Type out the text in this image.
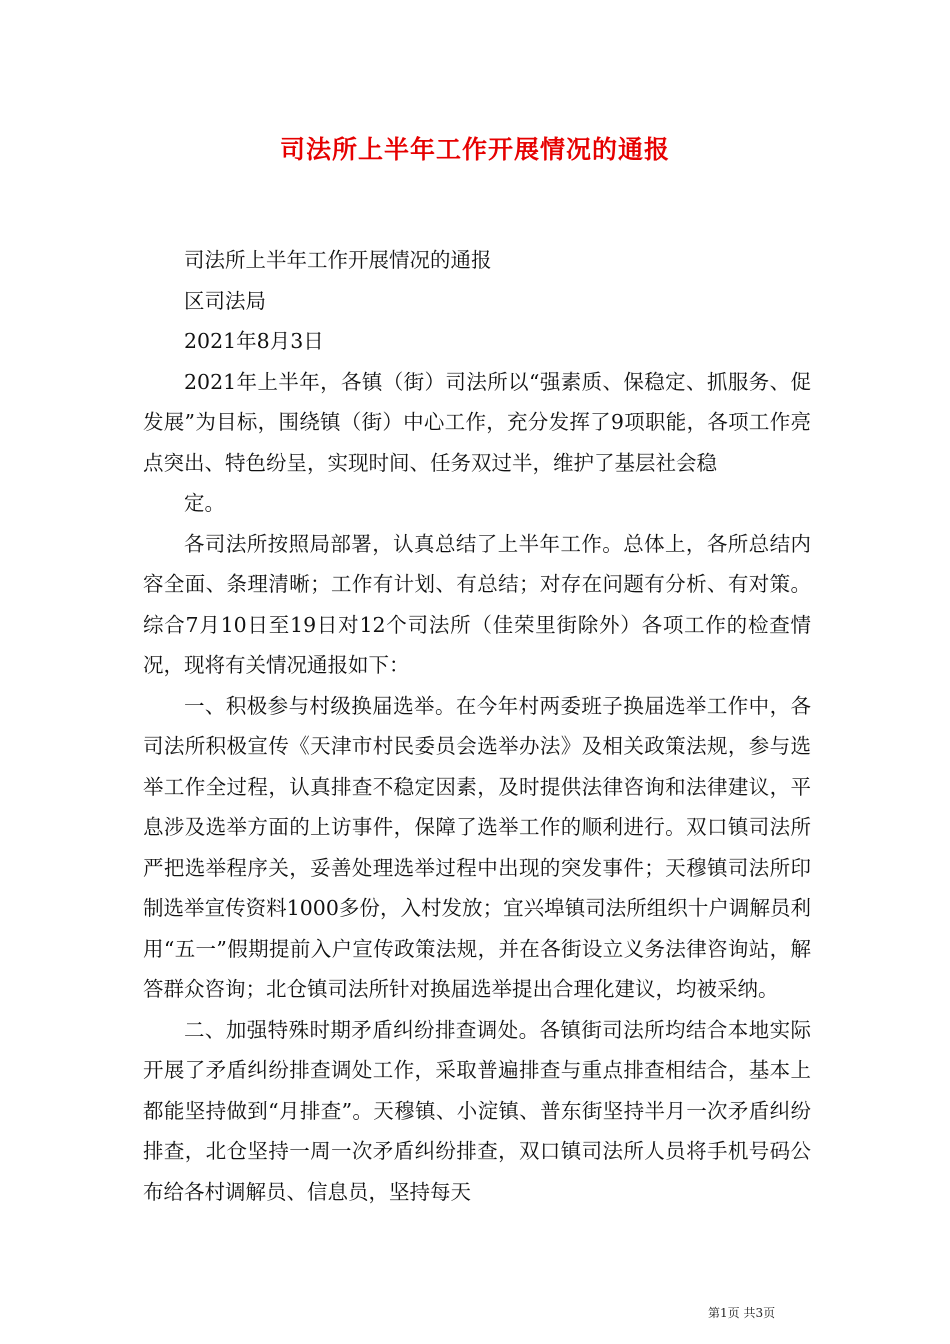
司法所上半年工作开展情况的通报

司法所上半年工作开展情况的通报

区司法局

2021年8月3日

2021年上半年，各镇（街）司法所以“强素质、保稳定、抓服务、促发展”为目标，围绕镇（街）中心工作，充分发挥了9项职能，各项工作亮点突出、特色纷呈，实现时间、任务双过半，维护了基层社会稳

定。

各司法所按照局部署，认真总结了上半年工作。总体上，各所总结内容全面、条理清晰；工作有计划、有总结；对存在问题有分析、有对策。综合7月10日至19日对12个司法所（佳荣里街除外）各项工作的检查情况，现将有关情况通报如下：

一、积极参与村级换届选举。在今年村两委班子换届选举工作中，各司法所积极宣传《天津市村民委员会选举办法》及相关政策法规，参与选举工作全过程，认真排查不稳定因素，及时提供法律咨询和法律建议，平息涉及选举方面的上访事件，保障了选举工作的顺利进行。双口镇司法所严把选举程序关，妥善处理选举过程中出现的突发事件；天穆镇司法所印制选举宣传资料1000多份，入村发放；宜兴埠镇司法所组织十户调解员利用“五一”假期提前入户宣传政策法规，并在各街设立义务法律咨询站，解答群众咨询；北仓镇司法所针对换届选举提出合理化建议，均被采纳。

二、加强特殊时期矛盾纠纷排查调处。各镇街司法所均结合本地实际开展了矛盾纠纷排查调处工作，采取普遍排查与重点排查相结合，基本上都能坚持做到“月排查”。天穆镇、小淀镇、普东街坚持半月一次矛盾纠纷排查，北仓坚持一周一次矛盾纠纷排查，双口镇司法所人员将手机号码公布给各村调解员、信息员，坚持每天

第1页 共3页
